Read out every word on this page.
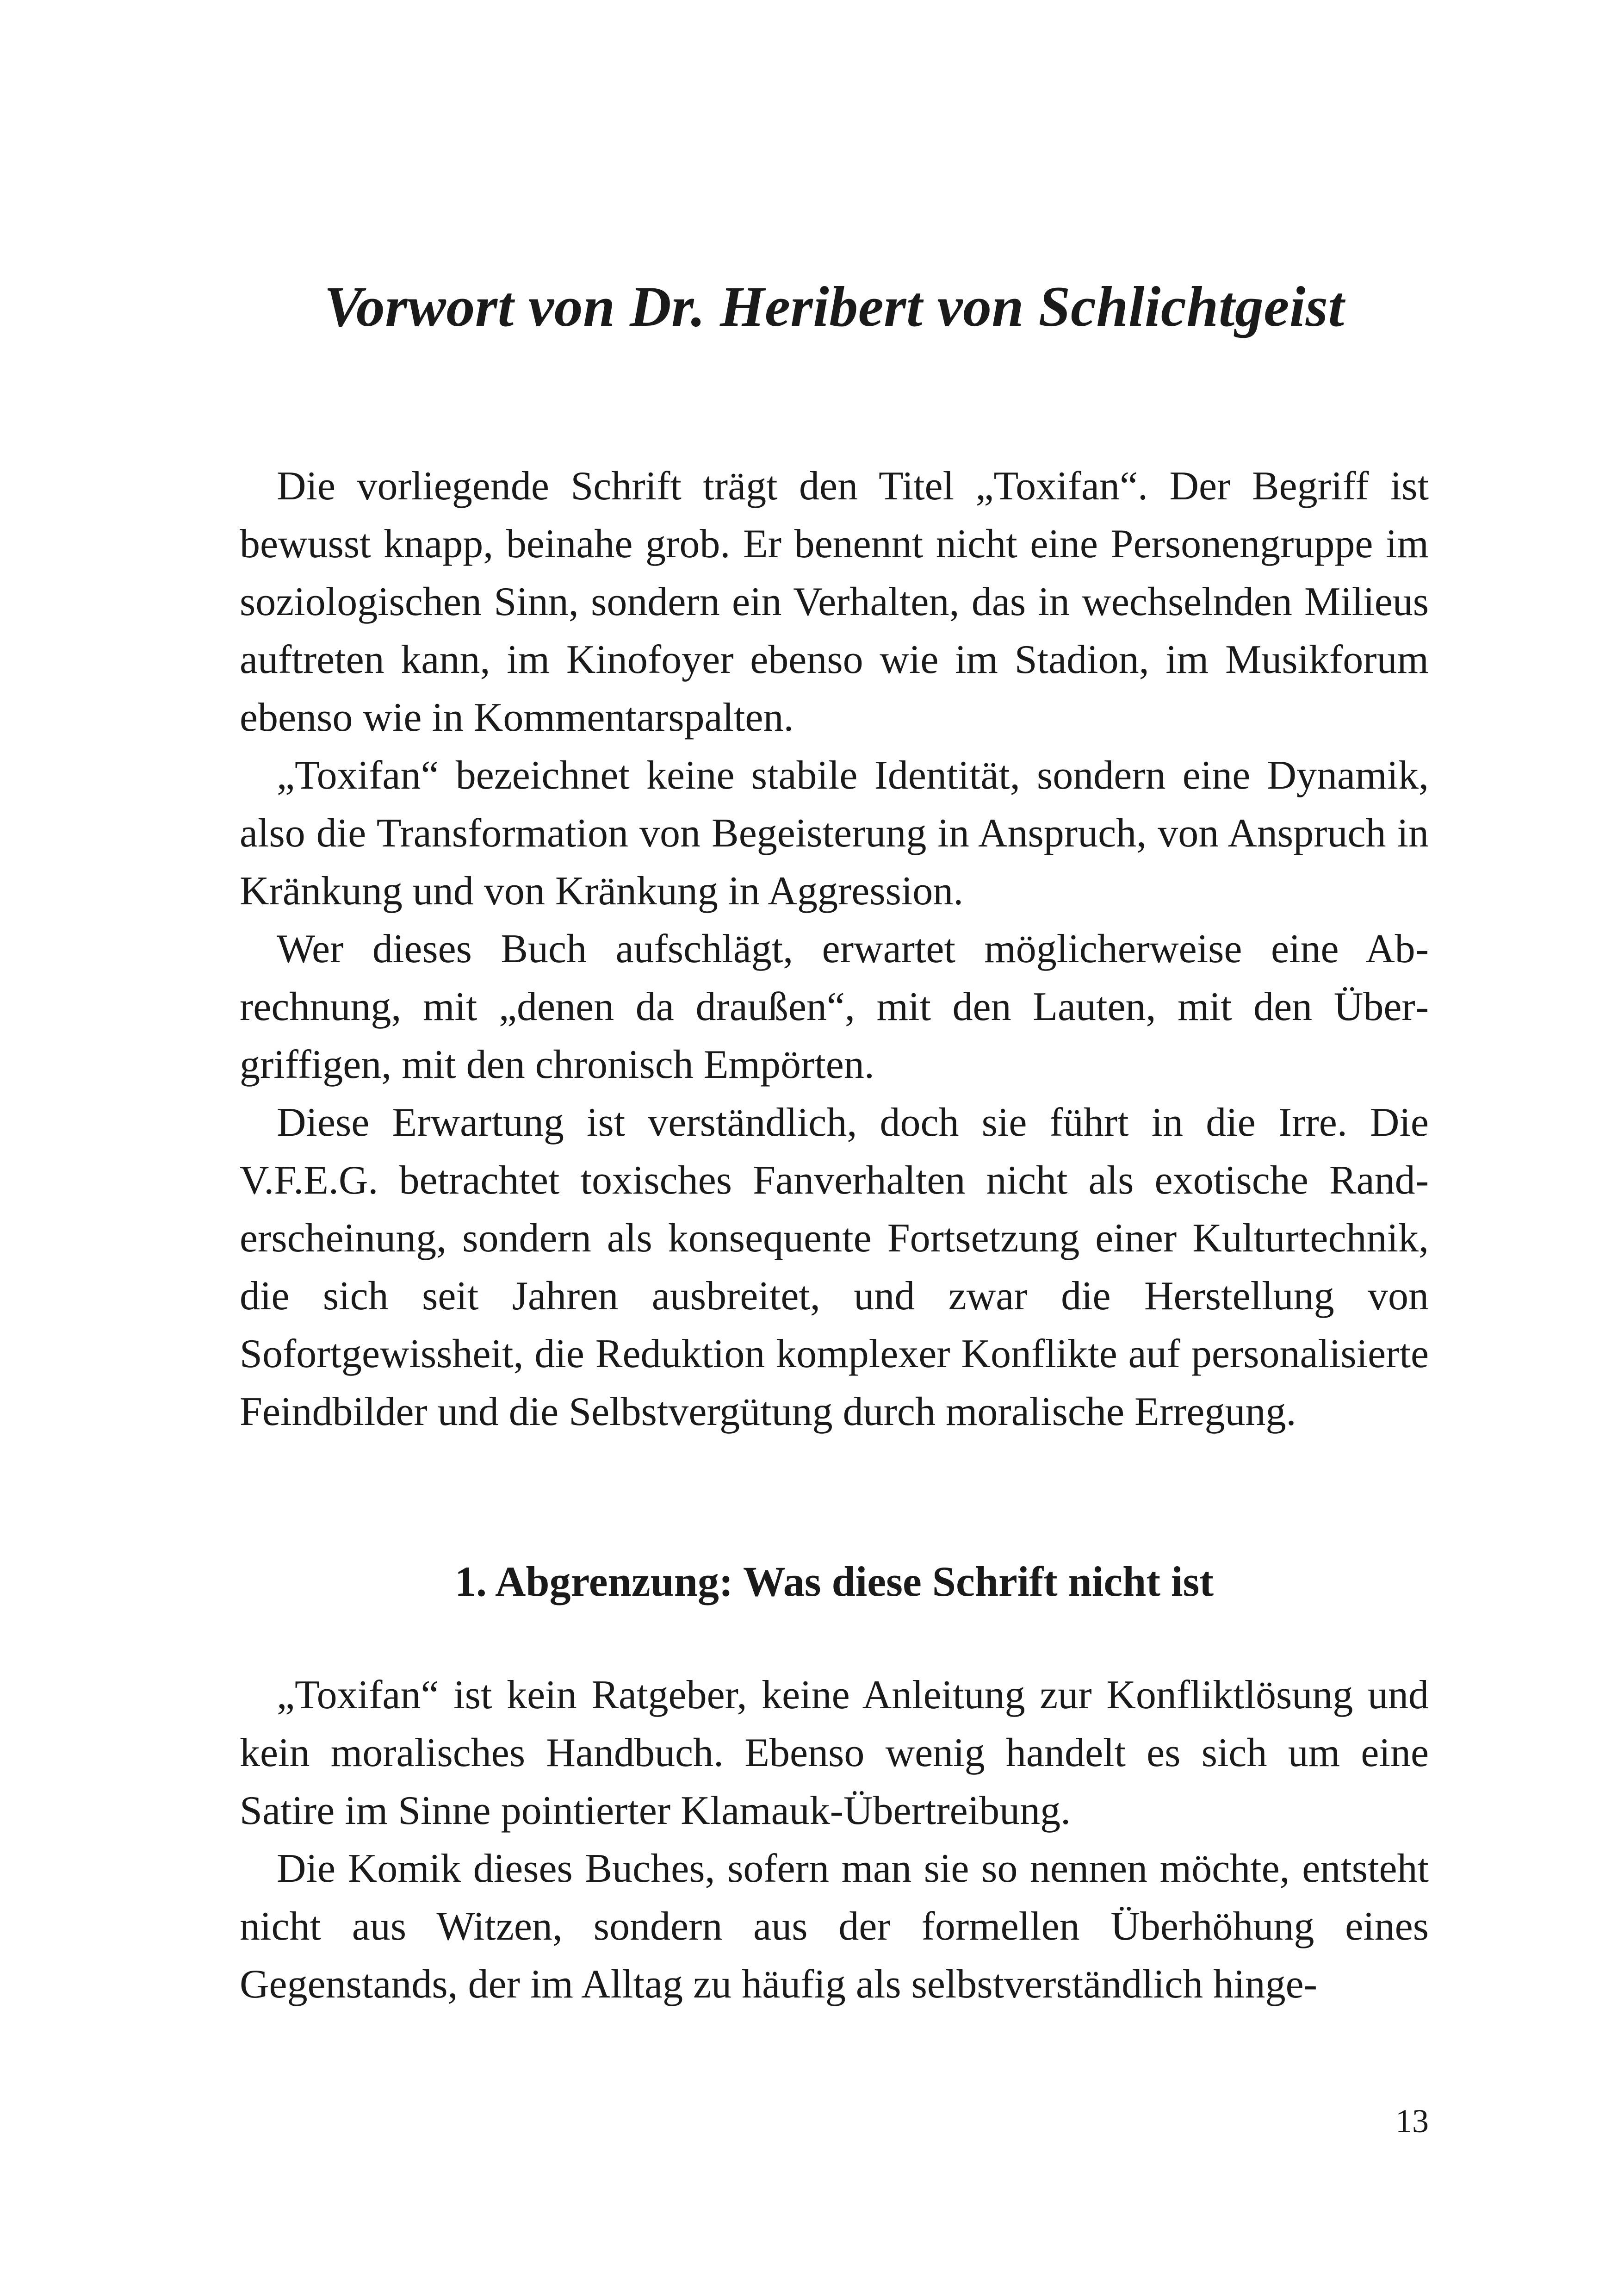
Vorwort von Dr. Heribert von Schlichtgeist

Die vorliegende Schrift trägt den Titel „Toxifan“. Der Begriff ist bewusst knapp, beinahe grob. Er benennt nicht eine Personengruppe im soziologischen Sinn, sondern ein Verhalten, das in wechselnden Milieus auftreten kann, im Kinofoyer ebenso wie im Stadion, im Musikforum ebenso wie in Kommentarspalten.

„Toxifan“ bezeichnet keine stabile Identität, sondern eine Dynamik, also die Transformation von Begeisterung in Anspruch, von Anspruch in Kränkung und von Kränkung in Aggression.

Wer dieses Buch aufschlägt, erwartet möglicherweise eine Abrechnung, mit „denen da draußen“, mit den Lauten, mit den Übergriffigen, mit den chronisch Empörten.

Diese Erwartung ist verständlich, doch sie führt in die Irre. Die V.F.E.G. betrachtet toxisches Fanverhalten nicht als exotische Randerscheinung, sondern als konsequente Fortsetzung einer Kulturtechnik, die sich seit Jahren ausbreitet, und zwar die Herstellung von Sofortgewissheit, die Reduktion komplexer Konflikte auf personalisierte Feindbilder und die Selbstvergütung durch moralische Erregung.

1. Abgrenzung: Was diese Schrift nicht ist

„Toxifan“ ist kein Ratgeber, keine Anleitung zur Konfliktlösung und kein moralisches Handbuch. Ebenso wenig handelt es sich um eine Satire im Sinne pointierter Klamauk-Übertreibung.

Die Komik dieses Buches, sofern man sie so nennen möchte, entsteht nicht aus Witzen, sondern aus der formellen Überhöhung eines Gegenstands, der im Alltag zu häufig als selbstverständlich hinge-

13
